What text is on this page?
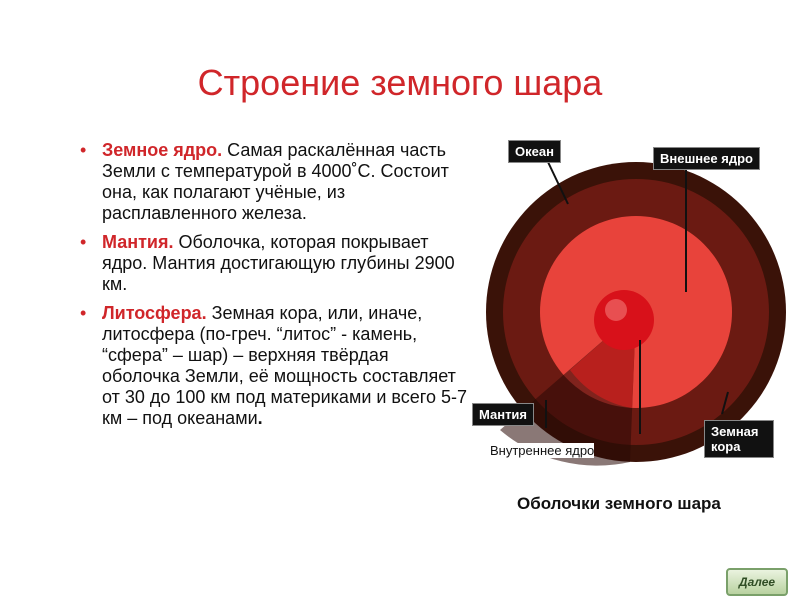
Строение земного шара
• Земное ядро. Самая раскалённая часть Земли с температурой в 4000˚С. Состоит она, как полагают учёные, из расплавленного железа.
• Мантия. Оболочка, которая покрывает ядро. Мантия достигающую глубины 2900 км.
• Литосфера. Земная кора, или, иначе, литосфера (по-греч. “литос” - камень, “сфера” – шар) – верхняя твёрдая оболочка Земли, её мощность составляет от 30 до 100 км под материками и всего 5-7 км – под океанами.
Океан	Внешнее ядро
Мантия
Внутреннее ядро
Земная кора
Оболочки земного шара
Далее
